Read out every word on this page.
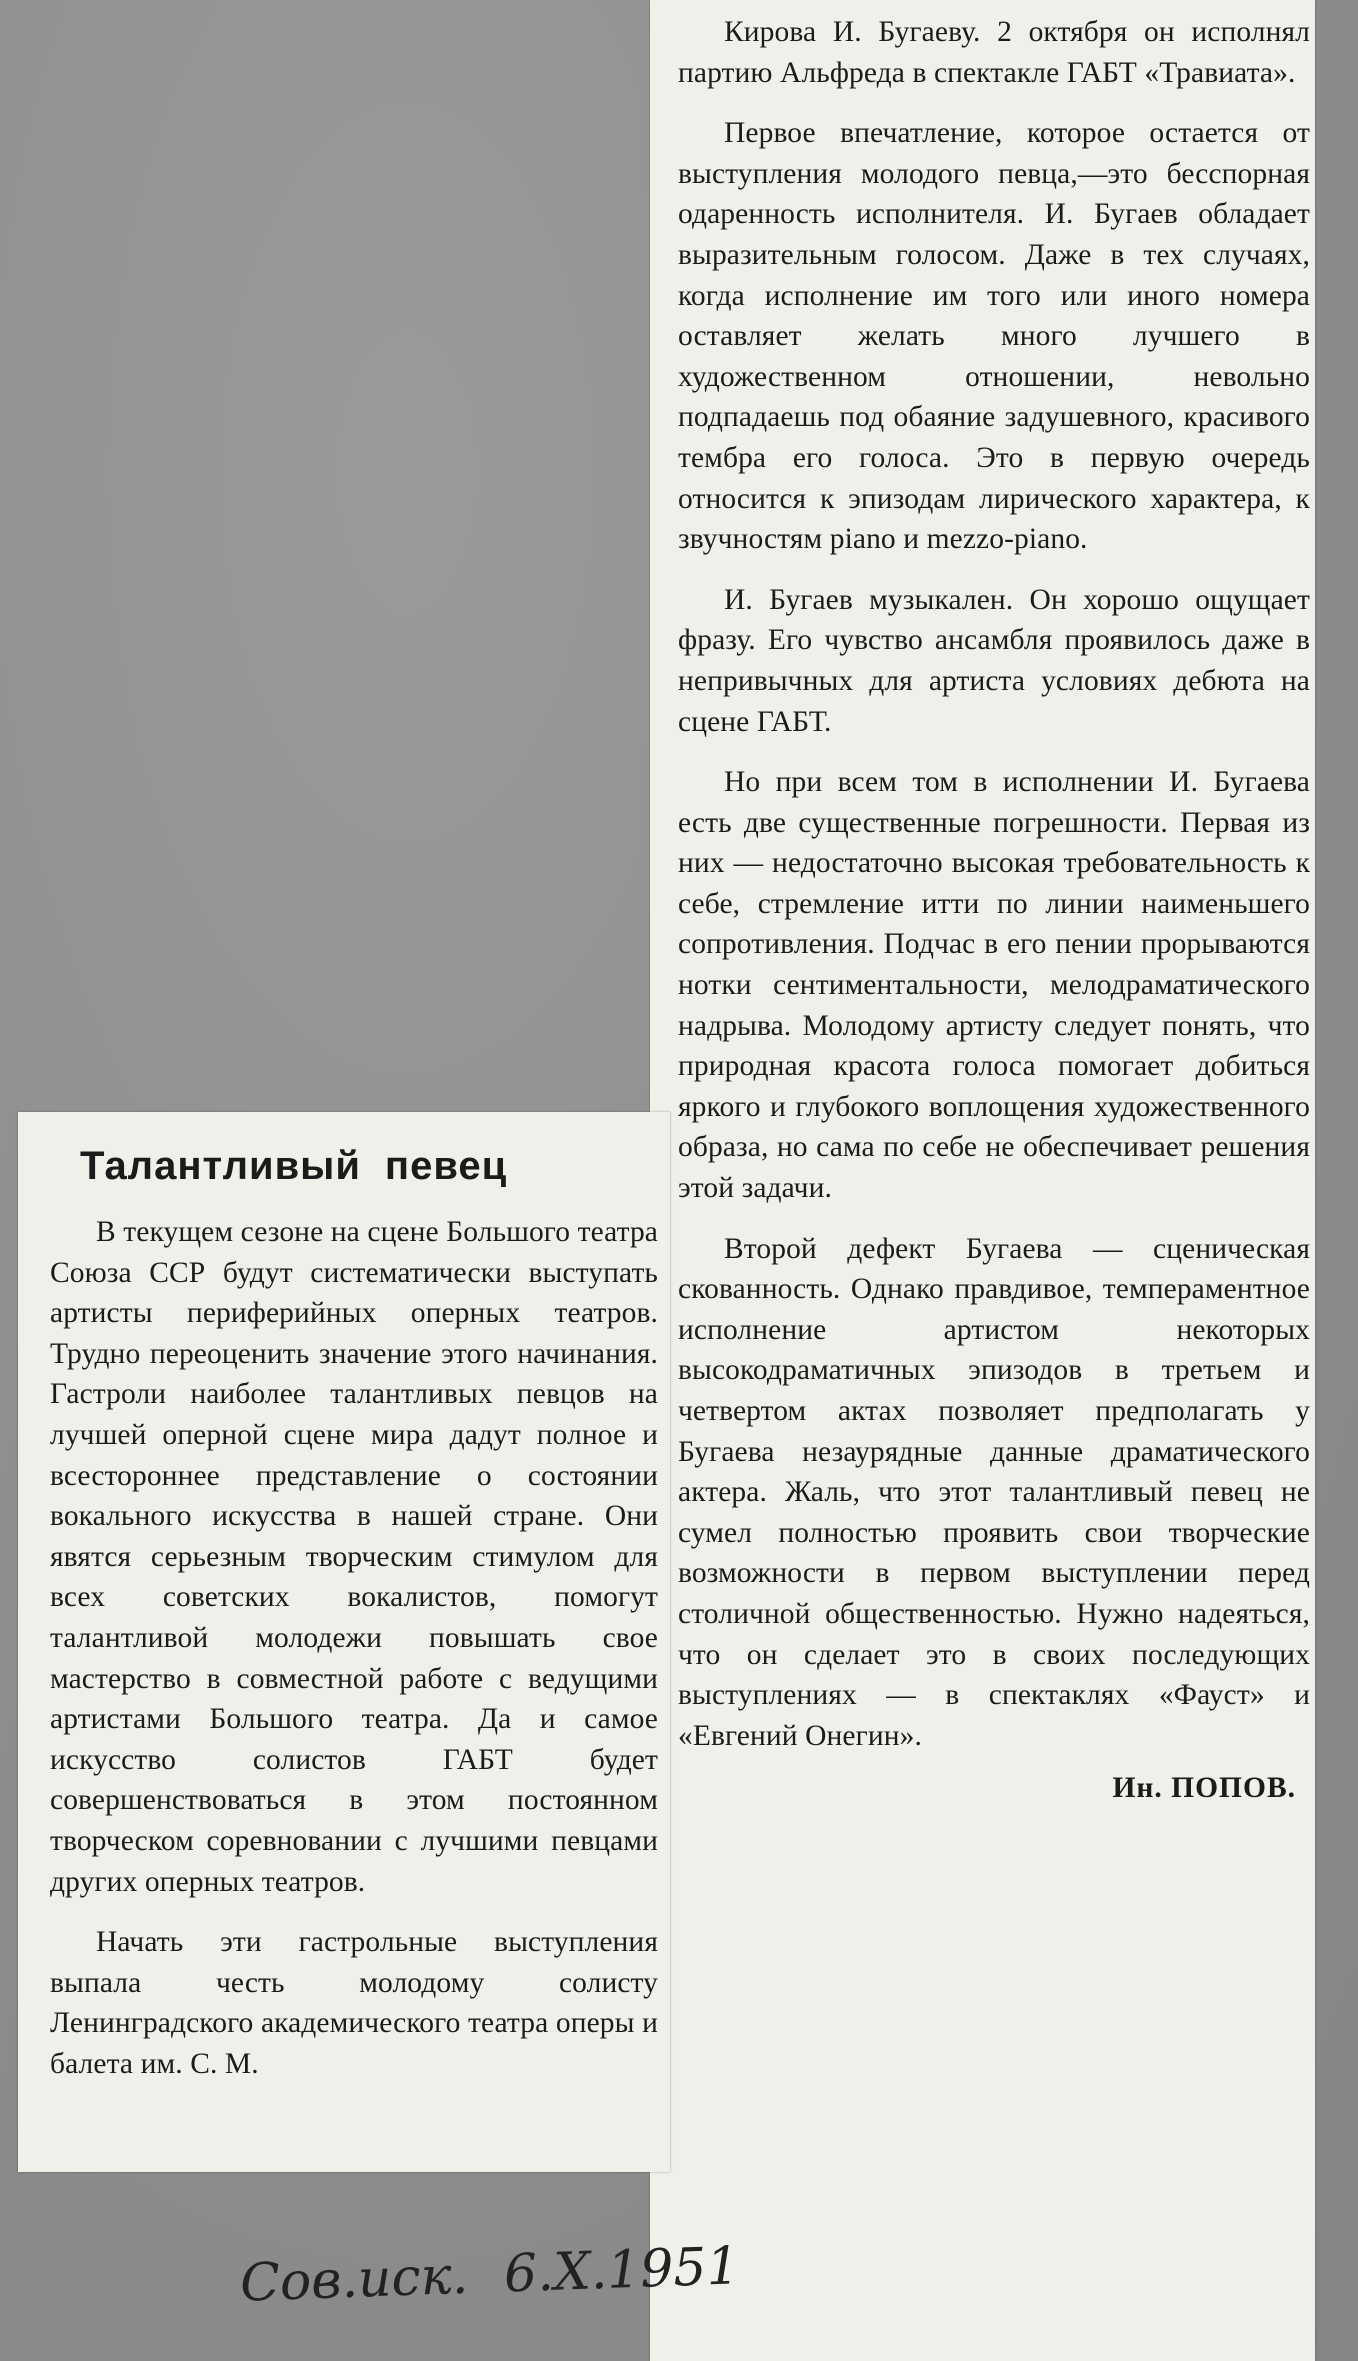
Кирова И. Бугаеву. 2 октября он исполнял партию Альфреда в спектакле ГАБТ «Травиата».

Первое впечатление, которое остается от выступления молодого певца,—это бесспорная одаренность исполнителя. И. Бугаев обладает выразительным голосом. Даже в тех случаях, когда исполнение им того или иного номера оставляет желать много лучшего в художественном отношении, невольно подпадаешь под обаяние задушевного, красивого тембра его голоса. Это в первую очередь относится к эпизодам лирического характера, к звучностям piano и mezzo-piano.

И. Бугаев музыкален. Он хорошо ощущает фразу. Его чувство ансамбля проявилось даже в непривычных для артиста условиях дебюта на сцене ГАБТ.

Но при всем том в исполнении И. Бугаева есть две существенные погрешности. Первая из них — недостаточно высокая требовательность к себе, стремление итти по линии наименьшего сопротивления. Подчас в его пении прорываются нотки сентиментальности, мелодраматического надрыва. Молодому артисту следует понять, что природная красота голоса помогает добиться яркого и глубокого воплощения художественного образа, но сама по себе не обеспечивает решения этой задачи.

Второй дефект Бугаева — сценическая скованность. Однако правдивое, темпераментное исполнение артистом некоторых высокодраматичных эпизодов в третьем и четвертом актах позволяет предполагать у Бугаева незаурядные данные драматического актера. Жаль, что этот талантливый певец не сумел полностью проявить свои творческие возможности в первом выступлении перед столичной общественностью. Нужно надеяться, что он сделает это в своих последующих выступлениях — в спектаклях «Фауст» и «Евгений Онегин».

Ин. ПОПОВ.
Талантливый певец

В текущем сезоне на сцене Большого театра Союза ССР будут систематически выступать артисты периферийных оперных театров. Трудно переоценить значение этого начинания. Гастроли наиболее талантливых певцов на лучшей оперной сцене мира дадут полное и всестороннее представление о состоянии вокального искусства в нашей стране. Они явятся серьезным творческим стимулом для всех советских вокалистов, помогут талантливой молодежи повышать свое мастерство в совместной работе с ведущими артистами Большого театра. Да и самое искусство солистов ГАБТ будет совершенствоваться в этом постоянном творческом соревновании с лучшими певцами других оперных театров.

Начать эти гастрольные выступления выпала честь молодому солисту Ленинградского академического театра оперы и балета им. С. М.

Сов.иск. 6.X.1951
